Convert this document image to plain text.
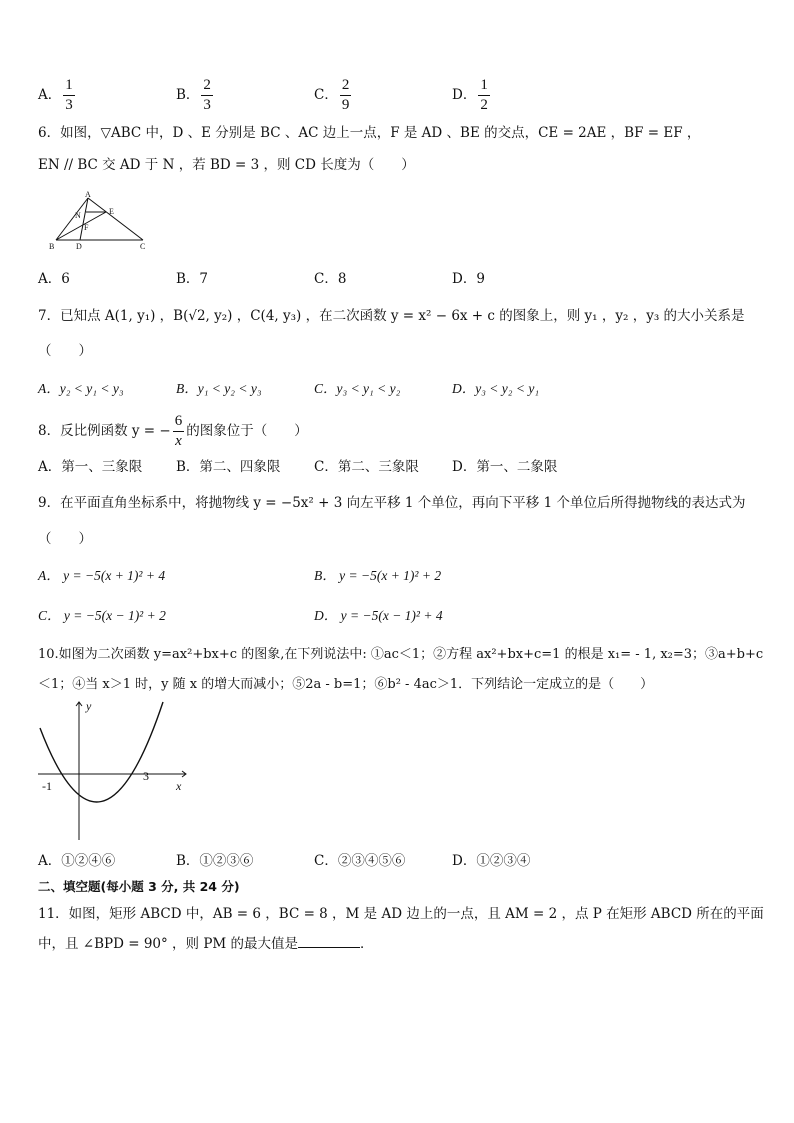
A． $\frac{1}{3}$	B． $\frac{2}{3}$	C． $\frac{2}{9}$	D． $\frac{1}{2}$
6．如图，▽ABC 中，D 、E 分别是 BC 、AC 边上一点，F 是 AD 、BE 的交点，CE = 2AE ，BF = EF ，
EN // BC 交 AD 于 N ，若 BD = 3 ，则 CD 长度为（　　）
A
B	C
D
E
F
N
A．6	B．7	C．8	D．9
7．已知点 A(1, y₁) ，B(√2, y₂) ，C(4, y₃) ，在二次函数 y = x² − 6x + c 的图象上，则 y₁ ，y₂ ，y₃ 的大小关系是
（　　）
A．y₂ < y₁ < y₃	B．y₁ < y₂ < y₃	C．y₃ < y₁ < y₂	D．y₃ < y₂ < y₁
8．反比例函数 y = − $\frac{6}{x}$ 的图象位于（　　）
A．第一、三象限	B．第二、四象限 C．第二、三象限 D．第一、二象限
9．在平面直角坐标系中，将抛物线 y = −5x² + 3 向左平移 1 个单位，再向下平移 1 个单位后所得抛物线的表达式为
（　　）
A． y = −5(x + 1)² + 4	B． y = −5(x + 1)² + 2
C． y = −5(x − 1)² + 2	D． y = −5(x − 1)² + 4
10.如图为二次函数 y=ax²+bx+c 的图象,在下列说法中: ①ac＜1；②方程 ax²+bx+c=1 的根是 x₁= - 1, x₂=3；③a+b+c
＜1；④当 x＞1 时，y 随 x 的增大而减小；⑤2a - b=1；⑥b² - 4ac＞1．下列结论一定成立的是（　　）
y
x
-1
3
A．①②④⑥	B．①②③⑥	C．②③④⑤⑥	D．①②③④
二、填空题(每小题 3 分, 共 24 分)
11．如图，矩形 ABCD 中，AB = 6 ，BC = 8 ，M 是 AD 边上的一点，且 AM = 2 ，点 P 在矩形 ABCD 所在的平面
中，且 ∠BPD = 90° ，则 PM 的最大值是	．
